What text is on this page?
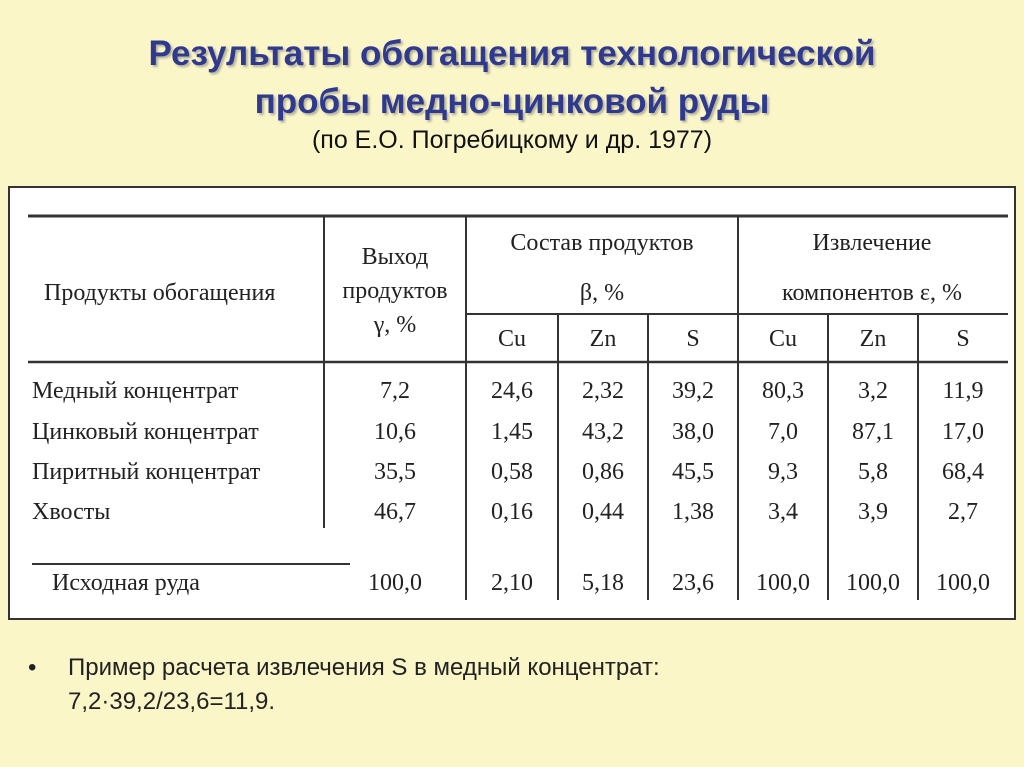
Результаты обогащения технологической
пробы медно-цинковой руды
(по Е.О. Погребицкому и др. 1977)
Продукты обогащения
Выход
продуктов
γ, %
Состав продуктов
β, %
Извлечение
компонентов ε, %
Cu	Zn	S	Cu	Zn	S
Медный концентрат	7,2	24,6 2,32 39,2 80,3 3,2 11,9
Цинковый концентрат	10,6	1,45 43,2 38,0 7,0 87,1 17,0
Пиритный концентрат	35,5	0,58 0,86 45,5 9,3	5,8 68,4
Хвосты	46,7	0,16 0,44 1,38 3,4	3,9	2,7
Исходная руда	100,0	2,10 5,18 23,6 100,0 100,0 100,0
• Пример расчета извлечения S в медный концентрат:
7,2·39,2/23,6=11,9.
